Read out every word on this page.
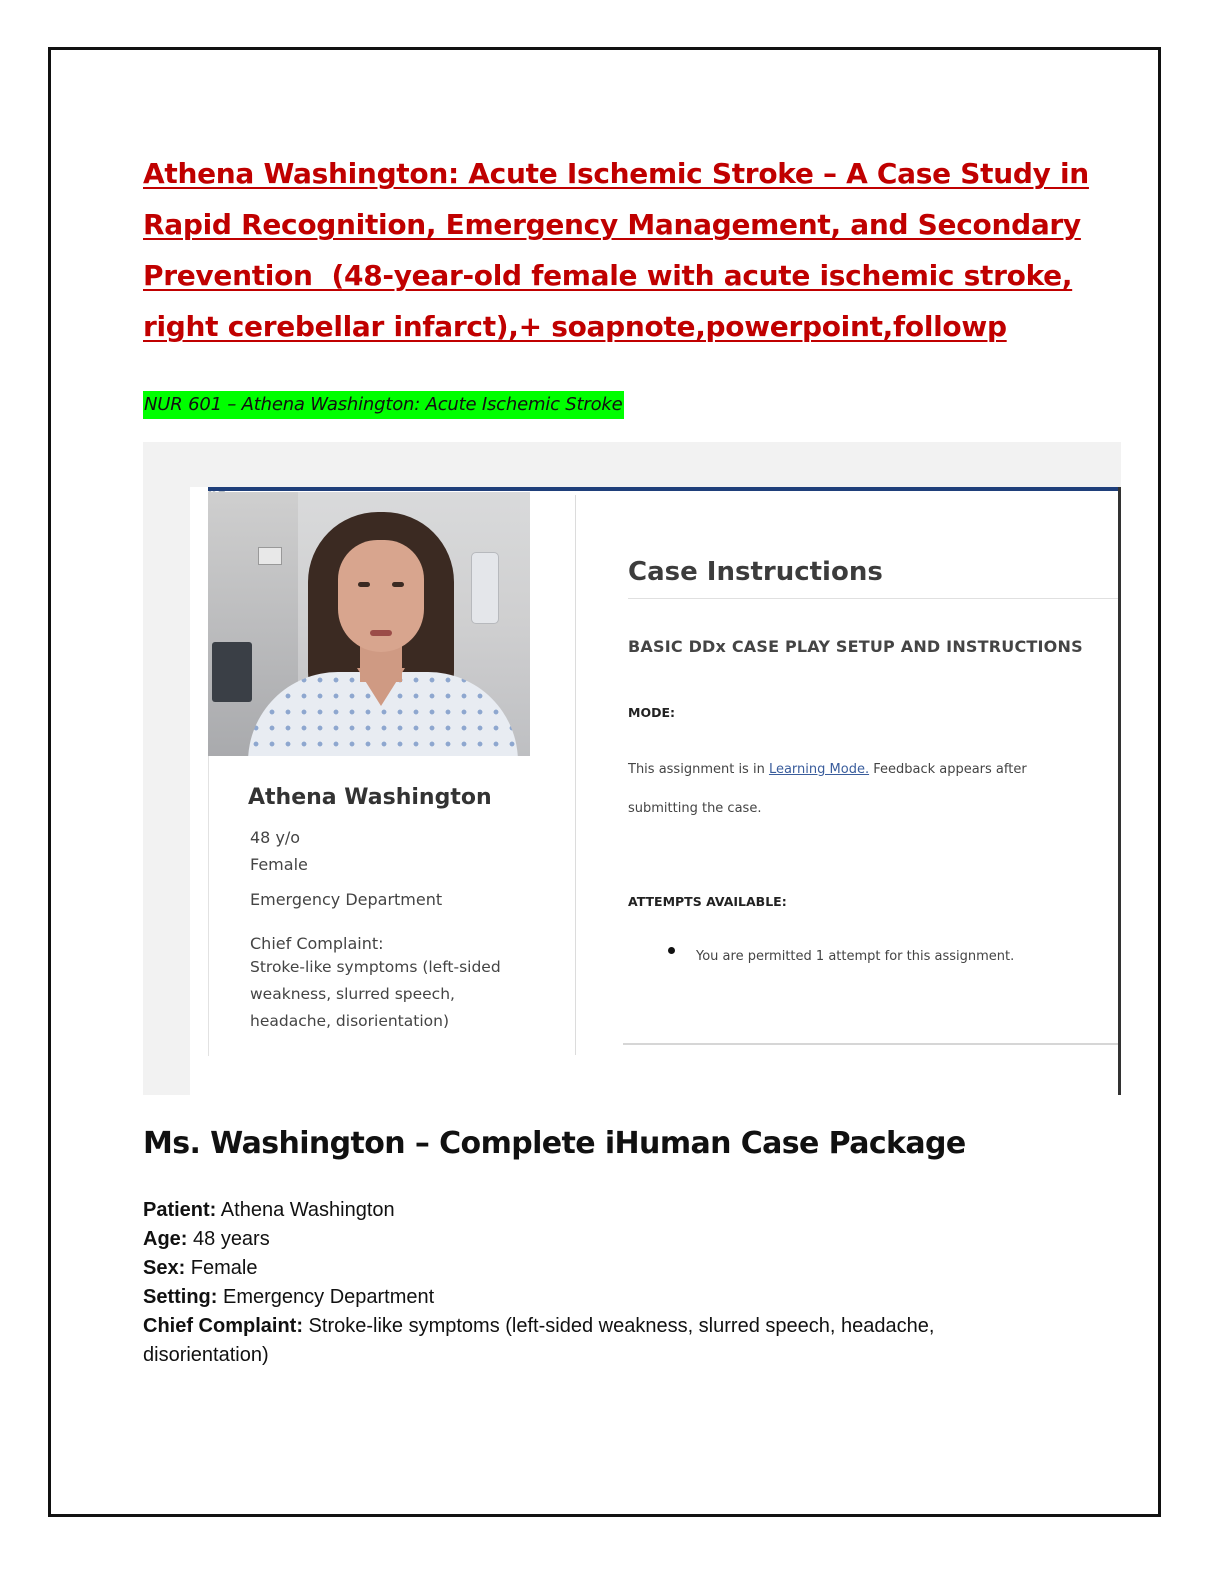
Athena Washington: Acute Ischemic Stroke – A Case Study in
Rapid Recognition, Emergency Management, and Secondary
Prevention  (48-year-old female with acute ischemic stroke,
right cerebellar infarct),+ soapnote,powerpoint,followp
NUR 601 – Athena Washington: Acute Ischemic Stroke
Athena Washington
48 y/o
Female
Emergency Department
Chief Complaint:
Stroke-like symptoms (left-sided
weakness, slurred speech,
headache, disorientation)
Case Instructions
BASIC DDx CASE PLAY SETUP AND INSTRUCTIONS
MODE:
This assignment is in Learning Mode. Feedback appears after submitting the case.
ATTEMPTS AVAILABLE:
You are permitted 1 attempt for this assignment.
Ms. Washington – Complete iHuman Case Package
Patient: Athena Washington
Age: 48 years
Sex: Female
Setting: Emergency Department
Chief Complaint: Stroke-like symptoms (left-sided weakness, slurred speech, headache, disorientation)
